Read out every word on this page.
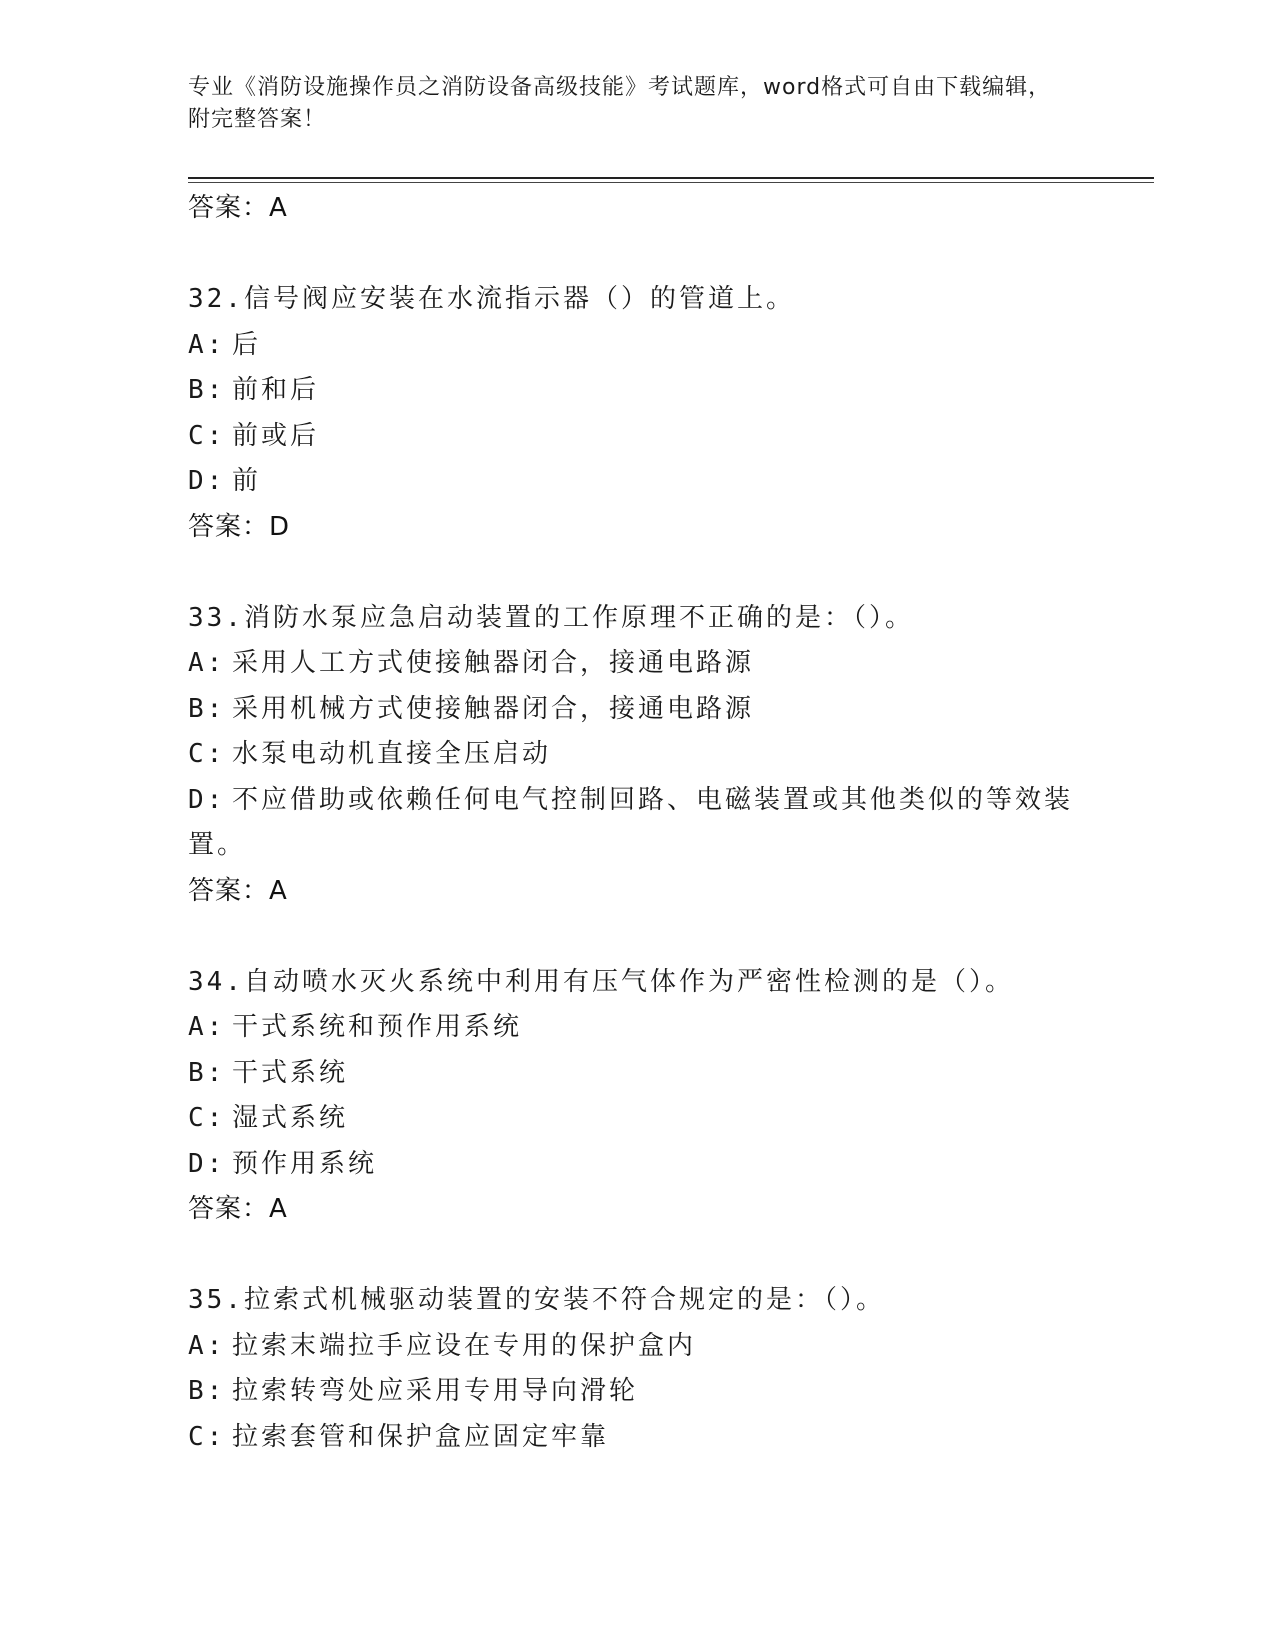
专业《消防设施操作员之消防设备高级技能》考试题库，word格式可自由下载编辑，附完整答案！

答案：A

32.信号阀应安装在水流指示器（）的管道上。

A: 后

B: 前和后

C: 前或后

D: 前

答案：D

33.消防水泵应急启动装置的工作原理不正确的是：（）。

A: 采用人工方式使接触器闭合，接通电路源

B: 采用机械方式使接触器闭合，接通电路源

C: 水泵电动机直接全压启动

D: 不应借助或依赖任何电气控制回路、电磁装置或其他类似的等效装置。

答案：A

34.自动喷水灭火系统中利用有压气体作为严密性检测的是（）。

A: 干式系统和预作用系统

B: 干式系统

C: 湿式系统

D: 预作用系统

答案：A

35.拉索式机械驱动装置的安装不符合规定的是：（）。

A: 拉索末端拉手应设在专用的保护盒内

B: 拉索转弯处应采用专用导向滑轮

C: 拉索套管和保护盒应固定牢靠
